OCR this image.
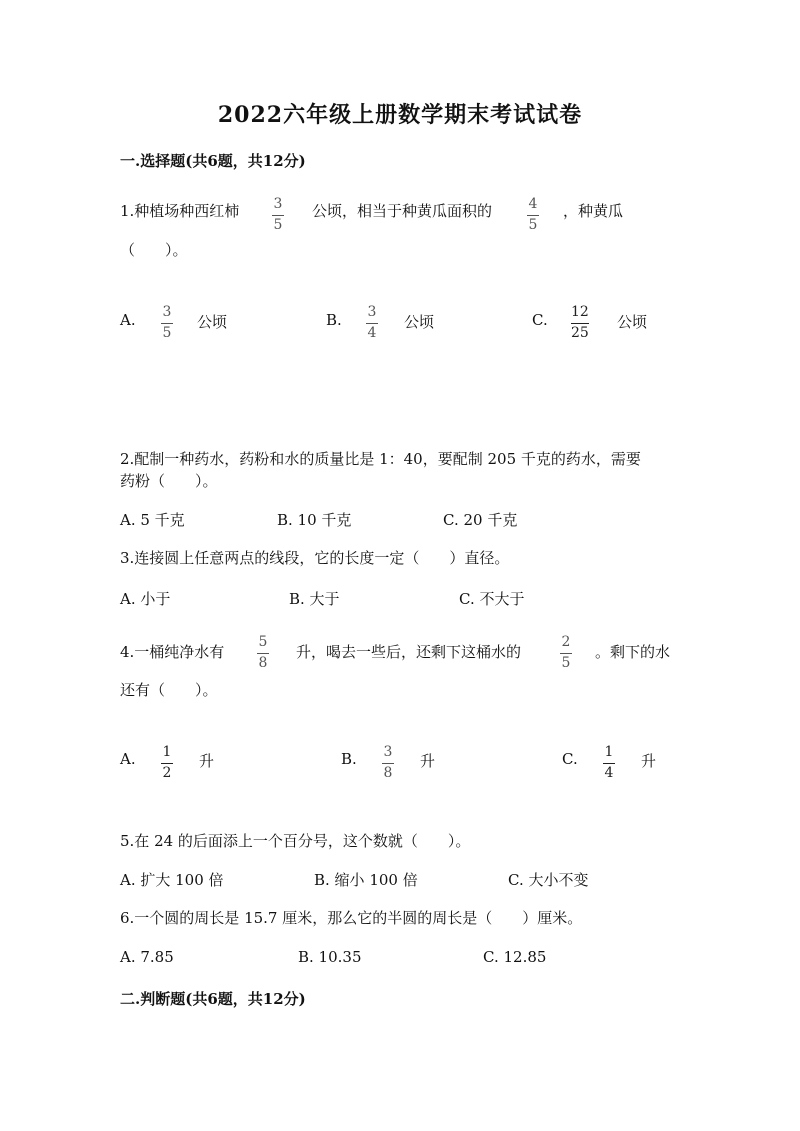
2022六年级上册数学期末考试试卷
一.选择题(共6题，共12分)
1.种植场种西红柿 3
5
公顷，相当于种黄瓜面积的	4
5
，种黄瓜
（　　）。
A. 3
5
公顷	B. 3
4
公顷	C. 12
25
公顷
2.配制一种药水，药粉和水的质量比是 1：40，要配制 205 千克的药水，需要
药粉（　　）。
A. 5 千克	B. 10 千克	C. 20 千克
3.连接圆上任意两点的线段，它的长度一定（　　）直径。
A. 小于	B. 大于	C. 不大于
4.一桶纯净水有
5
8
升，喝去一些后，还剩下这桶水的
2
5
。剩下的水
还有（　　）。
A. 1
2
升	B. 3
8
升	C. 1
4
升
5.在 24 的后面添上一个百分号，这个数就（　　）。
A. 扩大 100 倍	B. 缩小 100 倍	C. 大小不变
6.一个圆的周长是 15.7 厘米，那么它的半圆的周长是（　　）厘米。
A. 7.85	B. 10.35	C. 12.85
二.判断题(共6题，共12分)
